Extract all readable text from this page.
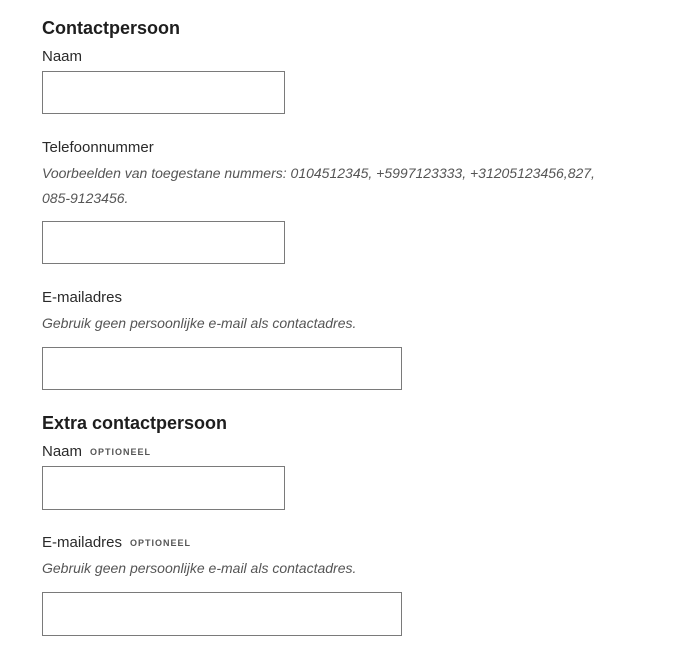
Contactpersoon
Naam
Telefoonnummer
Voorbeelden van toegestane nummers: 0104512345, +5997123333, +31205123456,827, 085-9123456.
E-mailadres
Gebruik geen persoonlijke e-mail als contactadres.
Extra contactpersoon
Naam OPTIONEEL
E-mailadres OPTIONEEL
Gebruik geen persoonlijke e-mail als contactadres.
